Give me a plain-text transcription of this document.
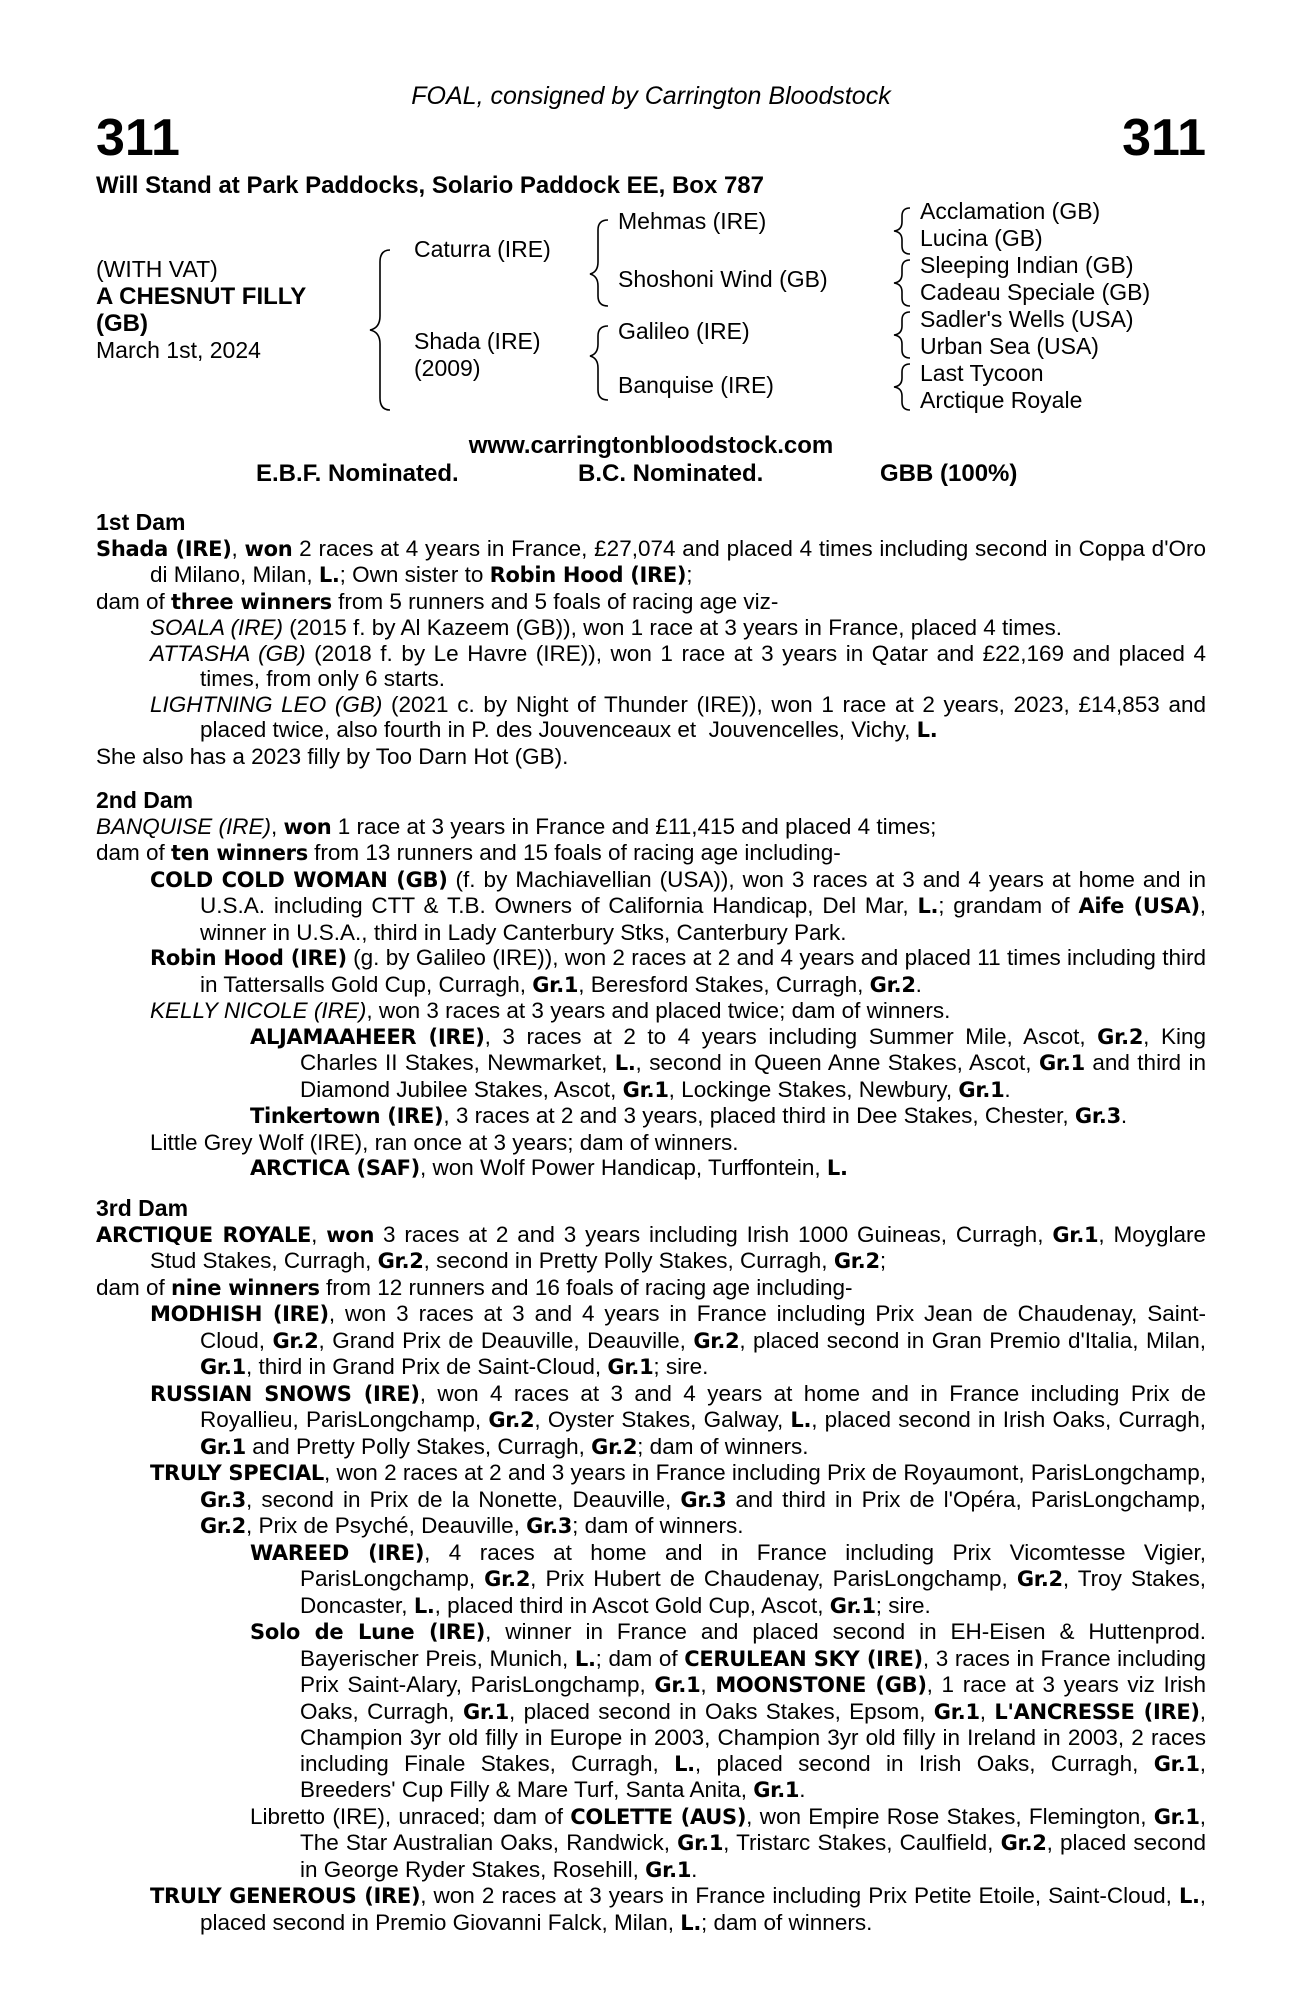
FOAL, consigned by Carrington Bloodstock
311	311
Will Stand at Park Paddocks, Solario Paddock EE, Box 787
(WITH VAT)
A CHESNUT FILLY
(GB)
March 1st, 2024
Caturra (IRE)
Shada (IRE)
(2009)
Mehmas (IRE)
Shoshoni Wind (GB)
Galileo (IRE)
Banquise (IRE)
Acclamation (GB)
Lucina (GB)
Sleeping Indian (GB)
Cadeau Speciale (GB)
Sadler's Wells (USA)
Urban Sea (USA)
Last Tycoon
Arctique Royale
www.carringtonbloodstock.com
E.B.F. Nominated.	B.C. Nominated.	GBB (100%)
1st Dam
Shada (IRE), won 2 races at 4 years in France, £27,074 and placed 4 times including second in Coppa d'Oro di Milano, Milan, L.; Own sister to Robin Hood (IRE);
dam of three winners from 5 runners and 5 foals of racing age viz-
SOALA (IRE) (2015 f. by Al Kazeem (GB)), won 1 race at 3 years in France, placed 4 times.
ATTASHA (GB) (2018 f. by Le Havre (IRE)), won 1 race at 3 years in Qatar and £22,169 and placed 4 times, from only 6 starts.
LIGHTNING LEO (GB) (2021 c. by Night of Thunder (IRE)), won 1 race at 2 years, 2023, £14,853 and placed twice, also fourth in P. des Jouvenceaux et  Jouvencelles, Vichy, L.
She also has a 2023 filly by Too Darn Hot (GB).
2nd Dam
BANQUISE (IRE), won 1 race at 3 years in France and £11,415 and placed 4 times;
dam of ten winners from 13 runners and 15 foals of racing age including-
COLD COLD WOMAN (GB) (f. by Machiavellian (USA)), won 3 races at 3 and 4 years at home and in U.S.A. including CTT & T.B. Owners of California Handicap, Del Mar, L.; grandam of Aife (USA), winner in U.S.A., third in Lady Canterbury Stks, Canterbury Park.
Robin Hood (IRE) (g. by Galileo (IRE)), won 2 races at 2 and 4 years and placed 11 times including third in Tattersalls Gold Cup, Curragh, Gr.1, Beresford Stakes, Curragh, Gr.2.
KELLY NICOLE (IRE), won 3 races at 3 years and placed twice; dam of winners.
ALJAMAAHEER (IRE), 3 races at 2 to 4 years including Summer Mile, Ascot, Gr.2, King Charles II Stakes, Newmarket, L., second in Queen Anne Stakes, Ascot, Gr.1 and third in Diamond Jubilee Stakes, Ascot, Gr.1, Lockinge Stakes, Newbury, Gr.1.
Tinkertown (IRE), 3 races at 2 and 3 years, placed third in Dee Stakes, Chester, Gr.3.
Little Grey Wolf (IRE), ran once at 3 years; dam of winners.
ARCTICA (SAF), won Wolf Power Handicap, Turffontein, L.
3rd Dam
ARCTIQUE ROYALE, won 3 races at 2 and 3 years including Irish 1000 Guineas, Curragh, Gr.1, Moyglare Stud Stakes, Curragh, Gr.2, second in Pretty Polly Stakes, Curragh, Gr.2;
dam of nine winners from 12 runners and 16 foals of racing age including-
MODHISH (IRE), won 3 races at 3 and 4 years in France including Prix Jean de Chaudenay, Saint-Cloud, Gr.2, Grand Prix de Deauville, Deauville, Gr.2, placed second in Gran Premio d'Italia, Milan, Gr.1, third in Grand Prix de Saint-Cloud, Gr.1; sire.
RUSSIAN SNOWS (IRE), won 4 races at 3 and 4 years at home and in France including Prix de Royallieu, ParisLongchamp, Gr.2, Oyster Stakes, Galway, L., placed second in Irish Oaks, Curragh, Gr.1 and Pretty Polly Stakes, Curragh, Gr.2; dam of winners.
TRULY SPECIAL, won 2 races at 2 and 3 years in France including Prix de Royaumont, ParisLongchamp, Gr.3, second in Prix de la Nonette, Deauville, Gr.3 and third in Prix de l'Opéra, ParisLongchamp, Gr.2, Prix de Psyché, Deauville, Gr.3; dam of winners.
WAREED (IRE), 4 races at home and in France including Prix Vicomtesse Vigier, ParisLongchamp, Gr.2, Prix Hubert de Chaudenay, ParisLongchamp, Gr.2, Troy Stakes, Doncaster, L., placed third in Ascot Gold Cup, Ascot, Gr.1; sire.
Solo de Lune (IRE), winner in France and placed second in EH-Eisen & Huttenprod. Bayerischer Preis, Munich, L.; dam of CERULEAN SKY (IRE), 3 races in France including Prix Saint-Alary, ParisLongchamp, Gr.1, MOONSTONE (GB), 1 race at 3 years viz Irish Oaks, Curragh, Gr.1, placed second in Oaks Stakes, Epsom, Gr.1, L'ANCRESSE (IRE), Champion 3yr old filly in Europe in 2003, Champion 3yr old filly in Ireland in 2003, 2 races including Finale Stakes, Curragh, L., placed second in Irish Oaks, Curragh, Gr.1, Breeders' Cup Filly & Mare Turf, Santa Anita, Gr.1.
Libretto (IRE), unraced; dam of COLETTE (AUS), won Empire Rose Stakes, Flemington, Gr.1, The Star Australian Oaks, Randwick, Gr.1, Tristarc Stakes, Caulfield, Gr.2, placed second in George Ryder Stakes, Rosehill, Gr.1.
TRULY GENEROUS (IRE), won 2 races at 3 years in France including Prix Petite Etoile, Saint-Cloud, L., placed second in Premio Giovanni Falck, Milan, L.; dam of winners.
